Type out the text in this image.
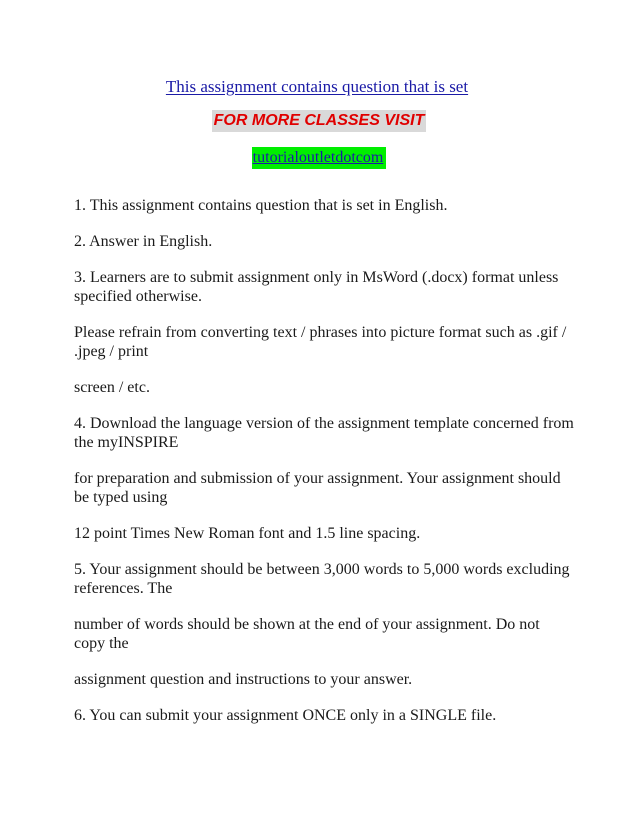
This assignment contains question that is set
FOR MORE CLASSES VISIT
tutorialoutletdotcom

1. This assignment contains question that is set in English.

2. Answer in English.

3. Learners are to submit assignment only in MsWord (.docx) format unless specified otherwise.

Please refrain from converting text / phrases into picture format such as .gif / .jpeg / print

screen / etc.

4. Download the language version of the assignment template concerned from the myINSPIRE

for preparation and submission of your assignment. Your assignment should be typed using

12 point Times New Roman font and 1.5 line spacing.

5. Your assignment should be between 3,000 words to 5,000 words excluding references. The

number of words should be shown at the end of your assignment. Do not copy the

assignment question and instructions to your answer.

6. You can submit your assignment ONCE only in a SINGLE file.
